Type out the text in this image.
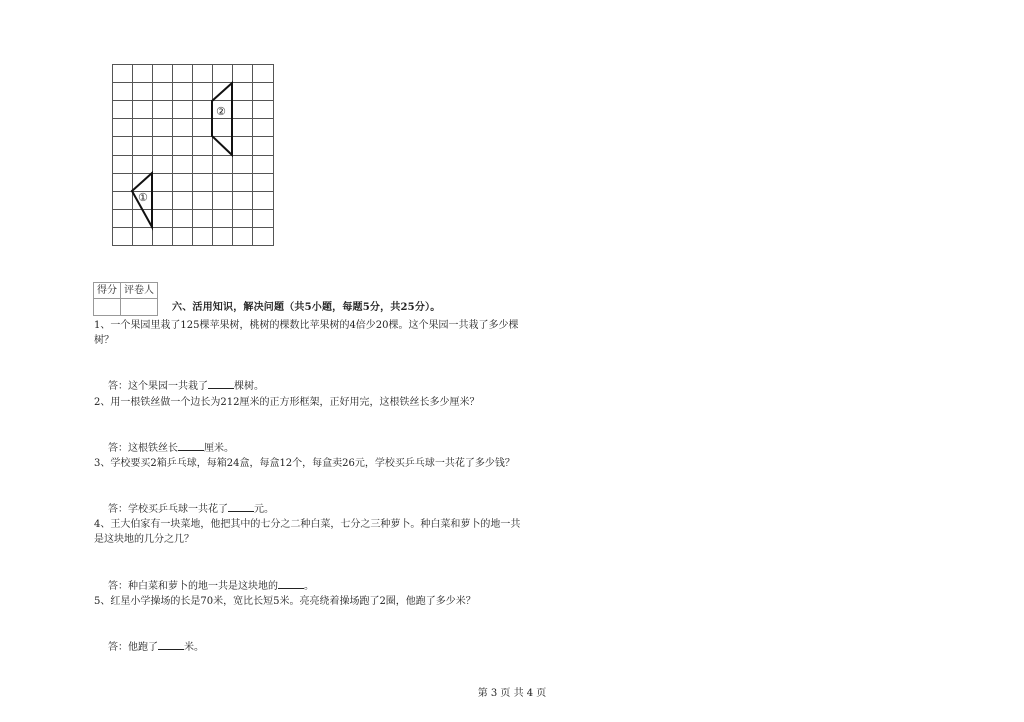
①
②
得分	评卷人

六、活用知识，解决问题（共5小题，每题5分，共25分）。
1、一个果园里栽了125棵苹果树，桃树的棵数比苹果树的4倍少20棵。这个果园一共栽了多少棵树？
答：这个果园一共栽了	棵树。
2、用一根铁丝做一个边长为212厘米的正方形框架，正好用完，这根铁丝长多少厘米？
答：这根铁丝长	厘米。
3、学校要买2箱乒乓球，每箱24盒，每盒12个，每盒卖26元，学校买乒乓球一共花了多少钱？
答：学校买乒乓球一共花了	元。
4、王大伯家有一块菜地，他把其中的七分之二种白菜，七分之三种萝卜。种白菜和萝卜的地一共是这块地的几分之几？
答：种白菜和萝卜的地一共是这块地的	。
5、红星小学操场的长是70米，宽比长短5米。亮亮绕着操场跑了2圈，他跑了多少米？
答：他跑了	米。
第 3 页 共 4 页
